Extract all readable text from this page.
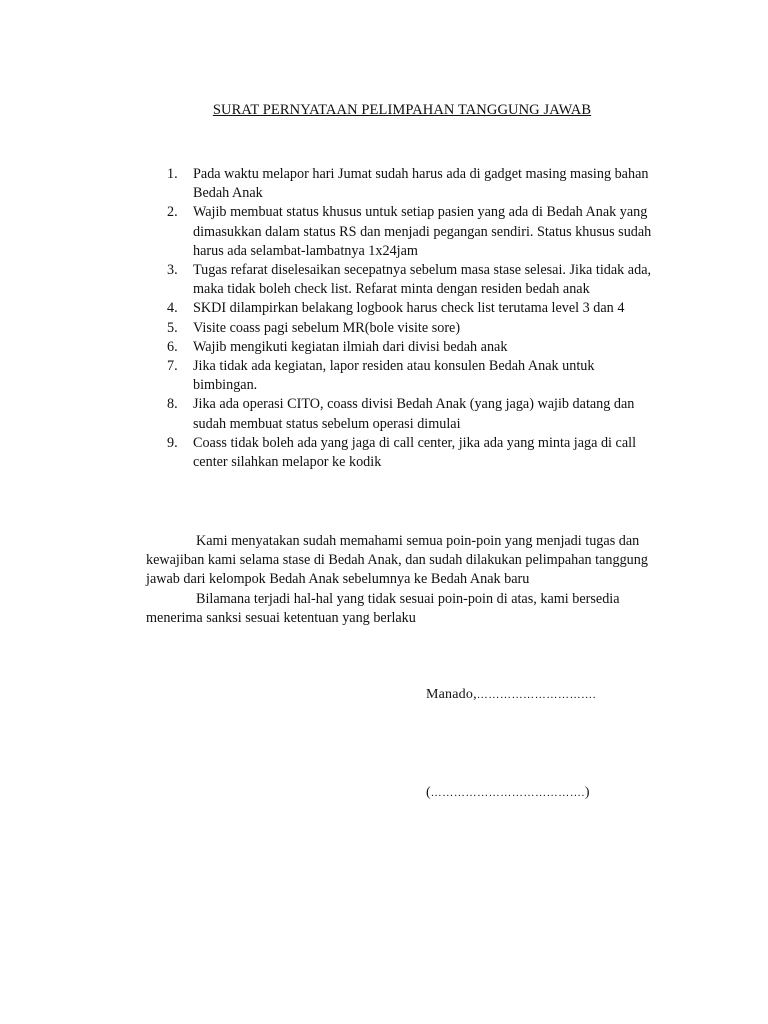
SURAT PERNYATAAN PELIMPAHAN TANGGUNG JAWAB
1.	Pada waktu melapor hari Jumat sudah harus ada di gadget masing masing bahan Bedah Anak
2.	Wajib membuat status khusus untuk setiap pasien yang ada di Bedah Anak yang dimasukkan dalam status RS dan menjadi pegangan sendiri. Status khusus sudah harus ada selambat-lambatnya 1x24jam
3.	Tugas refarat diselesaikan secepatnya sebelum masa stase selesai. Jika tidak ada, maka tidak boleh check list. Refarat minta dengan residen bedah anak
4.	SKDI dilampirkan belakang logbook harus check list terutama level 3 dan 4
5.	Visite coass pagi sebelum MR(bole visite sore)
6.	Wajib mengikuti kegiatan ilmiah dari divisi bedah anak
7.	Jika tidak ada kegiatan, lapor residen atau konsulen Bedah Anak untuk bimbingan.
8.	Jika ada operasi CITO, coass divisi Bedah Anak (yang jaga) wajib datang dan sudah membuat status sebelum operasi dimulai
9.	Coass tidak boleh ada yang jaga di call center, jika ada yang minta jaga di call center silahkan melapor ke kodik

Kami menyatakan sudah memahami semua poin-poin yang menjadi tugas dan kewajiban kami selama stase di Bedah Anak, dan sudah dilakukan pelimpahan tanggung jawab dari kelompok Bedah Anak sebelumnya ke Bedah Anak baru

Bilamana terjadi hal-hal yang tidak sesuai poin-poin di atas, kami bersedia menerima sanksi sesuai ketentuan yang berlaku

Manado,………………………….
(………………………………….)
